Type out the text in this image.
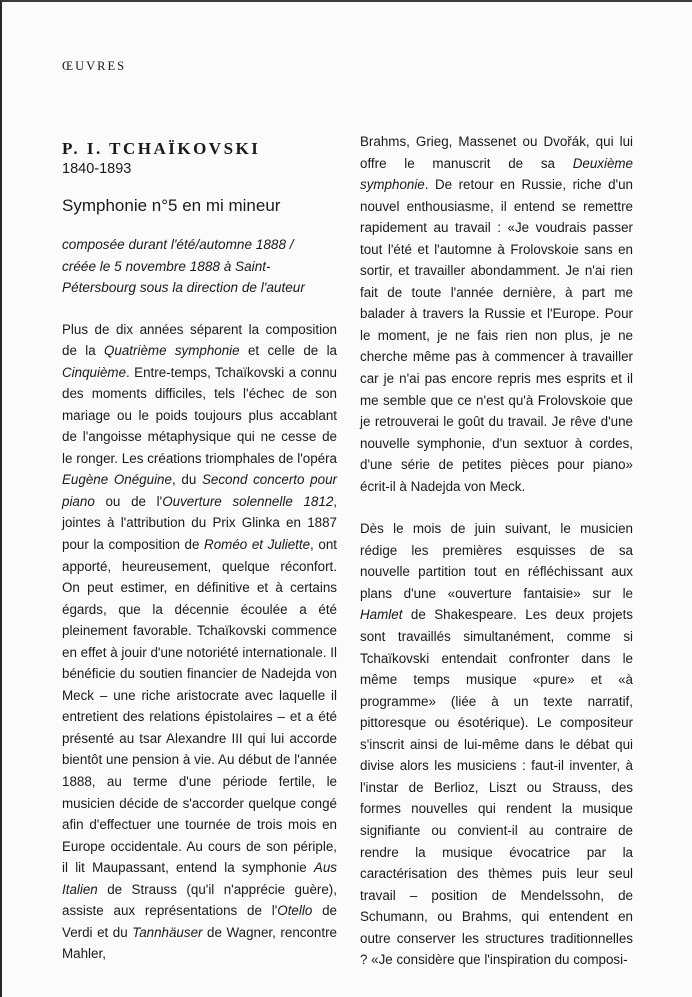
ŒUVRES
P. I. TCHAÏKOVSKI
1840-1893
Symphonie n°5 en mi mineur
composée durant l'été/automne 1888 /
créée le 5 novembre 1888 à Saint-
Pétersbourg sous la direction de l'auteur

Plus de dix années séparent la composition de la Quatrième symphonie et celle de la Cinquième. Entre-temps, Tchaïkovski a connu des moments difficiles, tels l'échec de son mariage ou le poids toujours plus accablant de l'angoisse métaphysique qui ne cesse de le ronger. Les créations triomphales de l'opéra Eugène Onéguine, du Second concerto pour piano ou de l'Ouverture solennelle 1812, jointes à l'attribution du Prix Glinka en 1887 pour la composition de Roméo et Juliette, ont apporté, heureusement, quelque réconfort. On peut estimer, en définitive et à certains égards, que la décennie écoulée a été pleinement favorable. Tchaïkovski commence en effet à jouir d'une notoriété internationale. Il bénéficie du soutien financier de Nadejda von Meck – une riche aristocrate avec laquelle il entretient des relations épistolaires – et a été présenté au tsar Alexandre III qui lui accorde bientôt une pension à vie. Au début de l'année 1888, au terme d'une période fertile, le musicien décide de s'accorder quelque congé afin d'effectuer une tournée de trois mois en Europe occidentale. Au cours de son périple, il lit Maupassant, entend la symphonie Aus Italien de Strauss (qu'il n'apprécie guère), assiste aux représentations de l'Otello de Verdi et du Tannhäuser de Wagner, rencontre Mahler,

Brahms, Grieg, Massenet ou Dvořák, qui lui offre le manuscrit de sa Deuxième symphonie. De retour en Russie, riche d'un nouvel enthousiasme, il entend se remettre rapidement au travail : «Je voudrais passer tout l'été et l'automne à Frolovskoie sans en sortir, et travailler abondamment. Je n'ai rien fait de toute l'année dernière, à part me balader à travers la Russie et l'Europe. Pour le moment, je ne fais rien non plus, je ne cherche même pas à commencer à travailler car je n'ai pas encore repris mes esprits et il me semble que ce n'est qu'à Frolovskoie que je retrouverai le goût du travail. Je rêve d'une nouvelle symphonie, d'un sextuor à cordes, d'une série de petites pièces pour piano» écrit-il à Nadejda von Meck.

Dès le mois de juin suivant, le musicien rédige les premières esquisses de sa nouvelle partition tout en réfléchissant aux plans d'une «ouverture fantaisie» sur le Hamlet de Shakespeare. Les deux projets sont travaillés simultanément, comme si Tchaïkovski entendait confronter dans le même temps musique «pure» et «à programme» (liée à un texte narratif, pittoresque ou ésotérique). Le compositeur s'inscrit ainsi de lui-même dans le débat qui divise alors les musiciens : faut-il inventer, à l'instar de Berlioz, Liszt ou Strauss, des formes nouvelles qui rendent la musique signifiante ou convient-il au contraire de rendre la musique évocatrice par la caractérisation des thèmes puis leur seul travail – position de Mendelssohn, de Schumann, ou Brahms, qui entendent en outre conserver les structures traditionnelles ? «Je considère que l'inspiration du composi-
